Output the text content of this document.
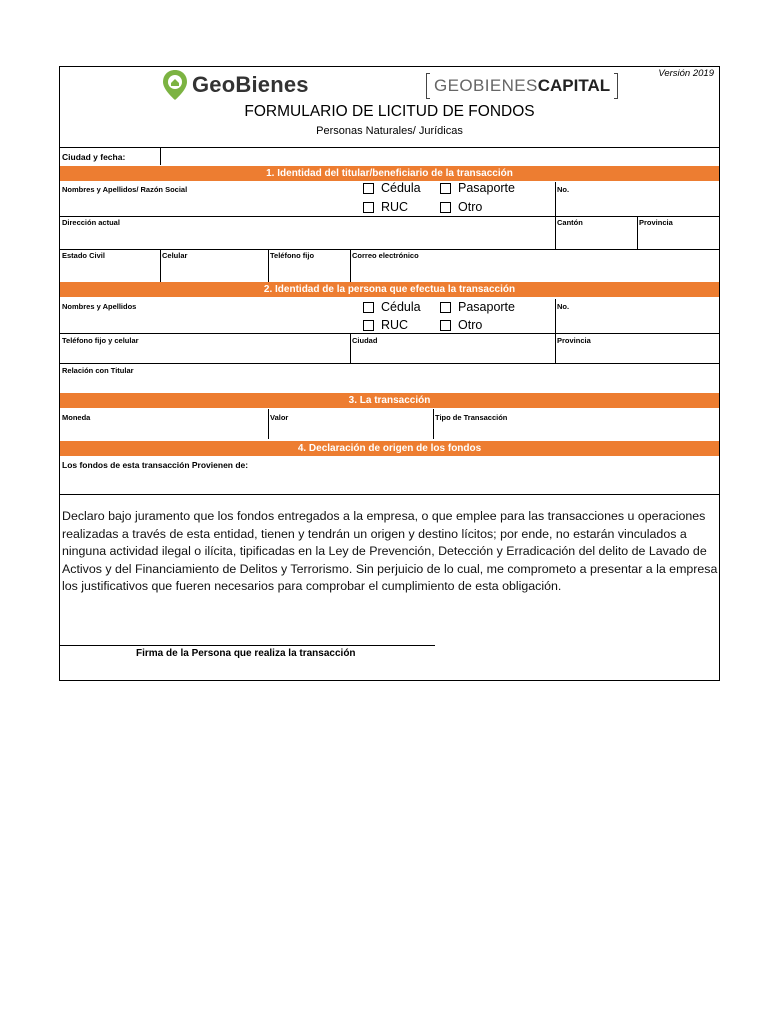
Versión 2019
GeoBienes	GEOBIENES CAPITAL
FORMULARIO DE LICITUD DE FONDOS
Personas Naturales/ Jurídicas
Ciudad y fecha:
1. Identidad del titular/beneficiario de la transacción
Nombres y Apellidos/ Razón Social	Cédula	Pasaporte
RUC	Otro
No.
Dirección actual	Cantón	Provincia
Estado Civil	Celular	Teléfono fijo	Correo electrónico
2. Identidad de la persona que efectua la transacción
Nombres y Apellidos	Cédula	Pasaporte
RUC	Otro
No.
Teléfono fijo y celular	Ciudad	Provincia
Relación con Titular
3. La transacción
Moneda	Valor	Tipo de Transacción
4. Declaración de origen de los fondos
Los fondos de esta transacción Provienen de:
Declaro bajo juramento que los fondos entregados a la empresa, o que emplee para las transacciones u operaciones realizadas a través de esta entidad, tienen y tendrán un origen y destino lícitos; por ende, no estarán vinculados a ninguna actividad ilegal o ilícita, tipificadas en la Ley de Prevención, Detección y Erradicación del delito de Lavado de Activos y del Financiamiento de Delitos y Terrorismo. Sin perjuicio de lo cual, me comprometo a presentar a la empresa los justificativos que fueren necesarios para comprobar el cumplimiento de esta obligación.
Firma de la Persona que realiza la transacción
